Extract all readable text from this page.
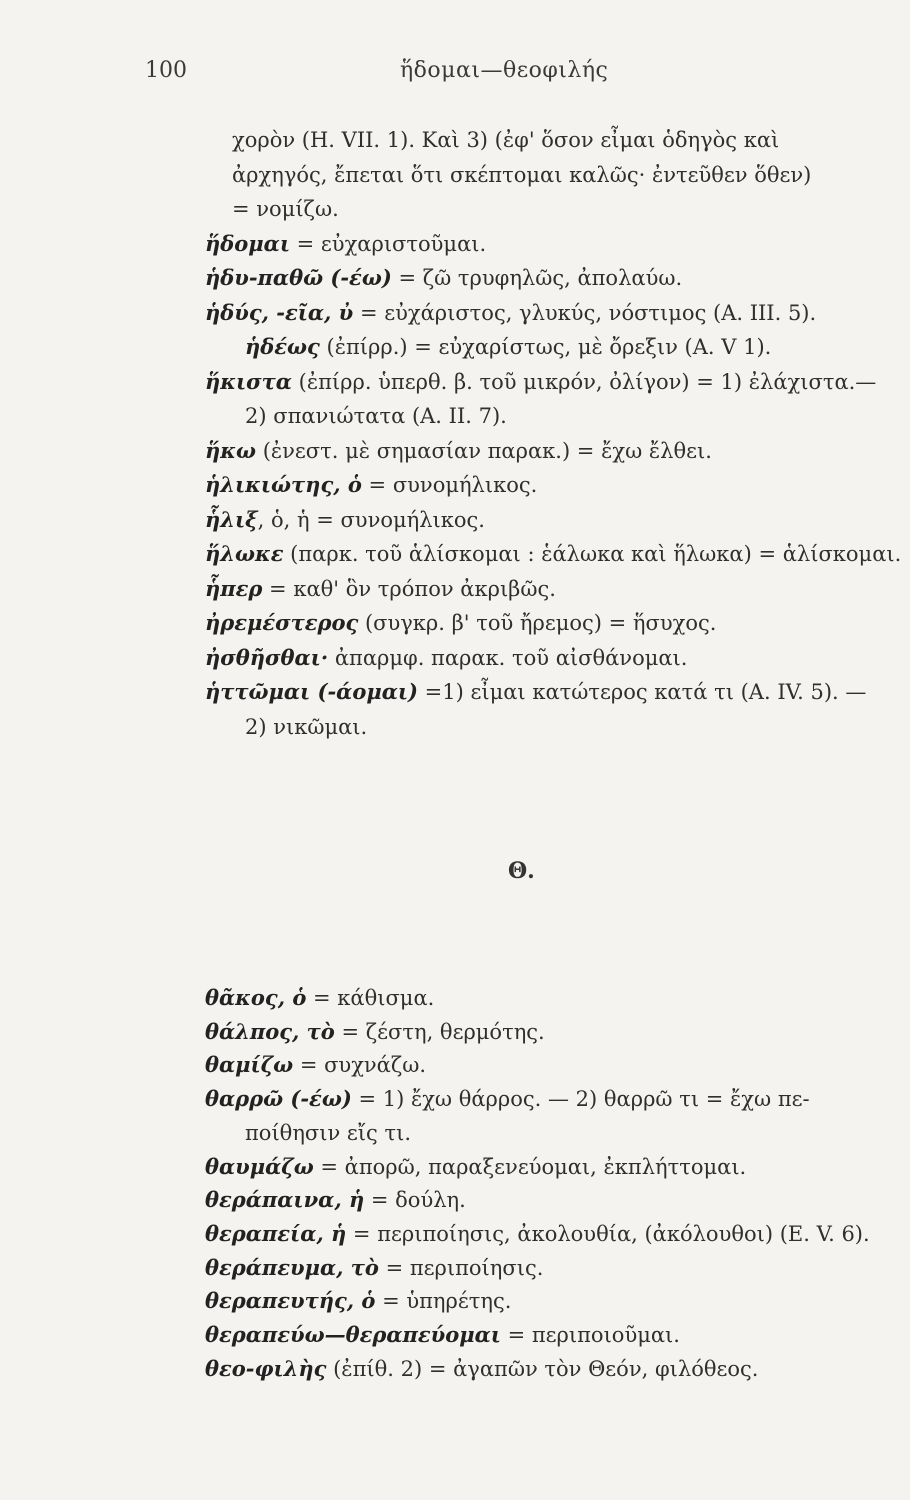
100	ἥδομαι—θεοφιλής
χορὸν (Η. VII. 1). Καὶ 3) (ἐφ' ὅσον εἶμαι ὁδηγὸς καὶ
ἀρχηγός, ἔπεται ὅτι σκέπτομαι καλῶς· ἐντεῦθεν ὅθεν)
= νομίζω.
ἥδομαι = εὐχαριστοῦμαι.
ἡδυ-παθῶ (-έω) = ζῶ τρυφηλῶς, ἀπολαύω.
ἡδύς, -εῖα, ὐ = εὐχάριστος, γλυκύς, νόστιμος (Α. III. 5).
ἡδέως (ἐπίρρ.) = εὐχαρίστως, μὲ ὄρεξιν (Α. V 1).
ἥκιστα (ἐπίρρ. ὑπερθ. β. τοῦ μικρόν, ὀλίγον) = 1) ἐλάχιστα.—
2) σπανιώτατα (Α. II. 7).
ἥκω (ἐνεστ. μὲ σημασίαν παρακ.) = ἔχω ἔλθει.
ἡλικιώτης, ὁ = συνομήλικος.
ἧλιξ, ὁ, ἡ = συνομήλικος.
ἥλωκε (παρκ. τοῦ ἁλίσκομαι : ἑάλωκα καὶ ἥλωκα) = ἁλίσκομαι.
ἧπερ = καθ' ὃν τρόπον ἀκριβῶς.
ἠρεμέστερος (συγκρ. β' τοῦ ἤρεμος) = ἥσυχος.
ἠσθῆσθαι· ἀπαρμφ. παρακ. τοῦ αἰσθάνομαι.
ἡττῶμαι (-άομαι) =1) εἶμαι κατώτερος κατά τι (Α. IV. 5). —
2) νικῶμαι.
Θ.
θᾶκος, ὁ = κάθισμα.
θάλπος, τὸ = ζέστη, θερμότης.
θαμίζω = συχνάζω.
θαρρῶ (-έω) = 1) ἔχω θάρρος. — 2) θαρρῶ τι = ἔχω πε-
ποίθησιν εἴς τι.
θαυμάζω = ἀπορῶ, παραξενεύομαι, ἐκπλήττομαι.
θεράπαινα, ἡ = δούλη.
θεραπεία, ἡ = περιποίησις, ἀκολουθία, (ἀκόλουθοι) (Ε. V. 6).
θεράπευμα, τὸ = περιποίησις.
θεραπευτής, ὁ = ὑπηρέτης.
θεραπεύω—θεραπεύομαι = περιποιοῦμαι.
θεο-φιλὴς (ἐπίθ. 2) = ἀγαπῶν τὸν Θεόν, φιλόθεος.
